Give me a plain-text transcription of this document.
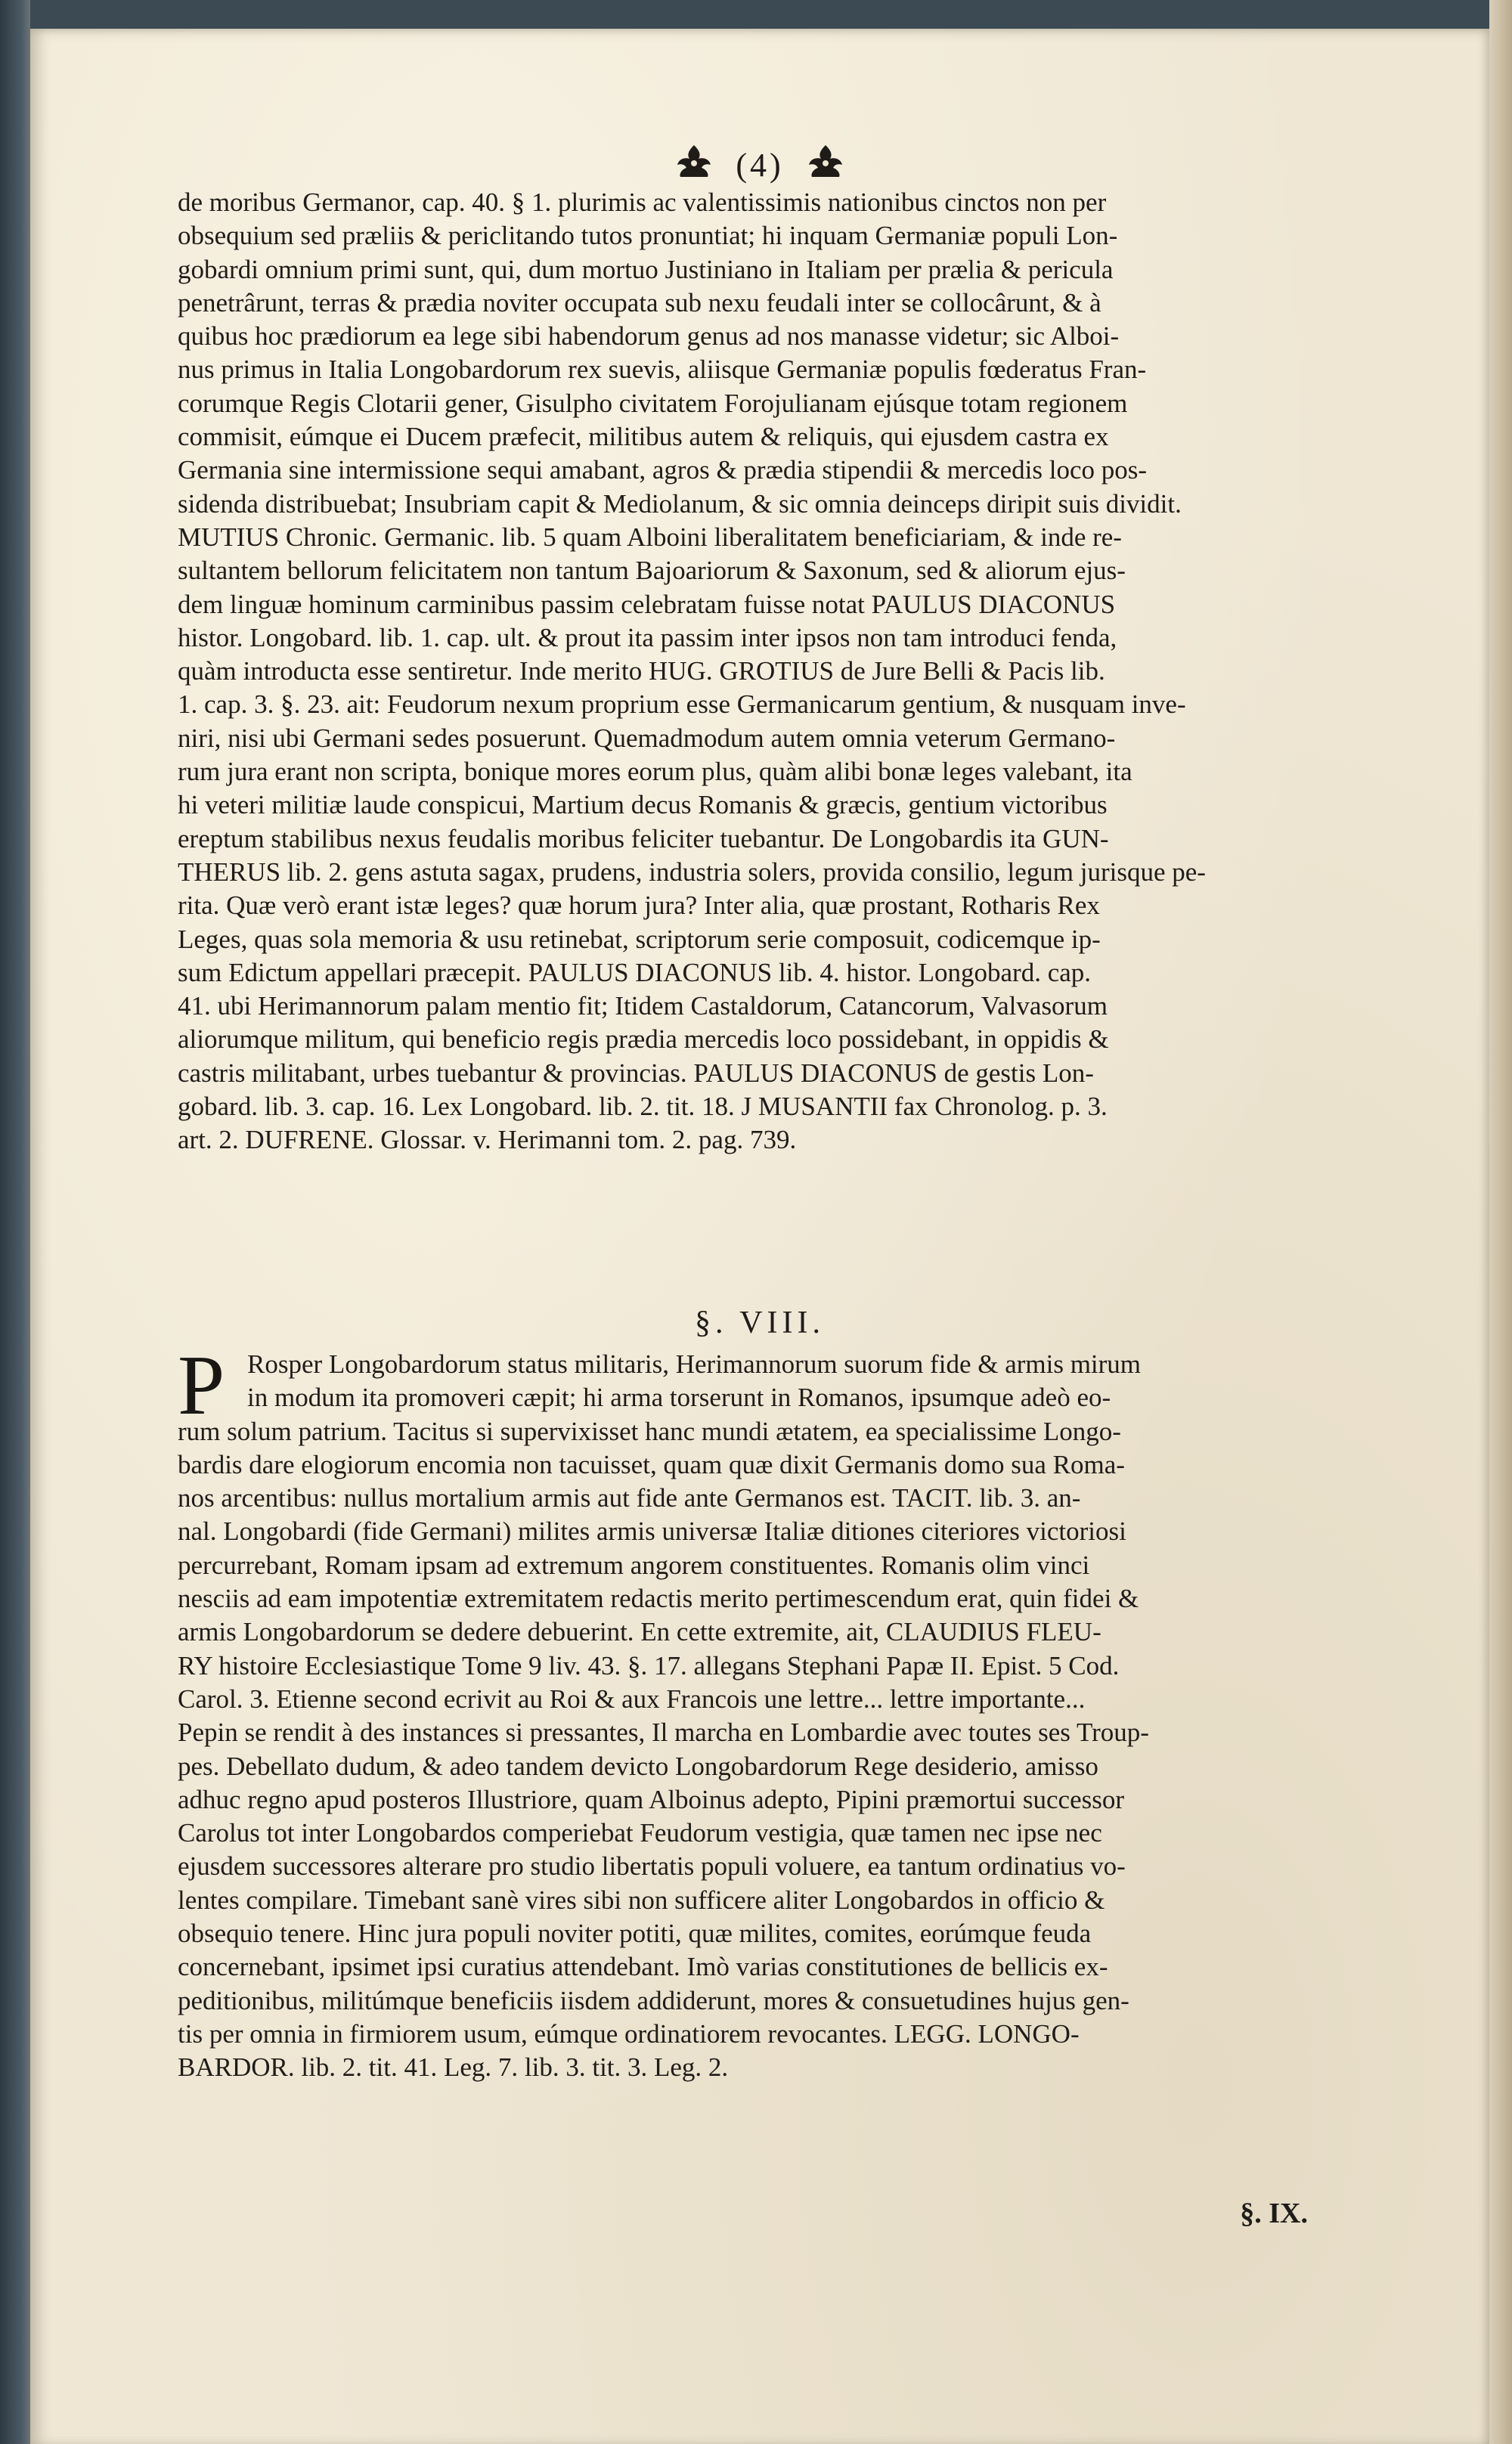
(4)
de moribus Germanor, cap. 40. § 1. plurimis ac valentissimis nationibus cinctos non per
obsequium sed præliis & periclitando tutos pronuntiat; hi inquam Germaniæ populi Lon-
gobardi omnium primi sunt, qui, dum mortuo Justiniano in Italiam per prælia & pericula
penetrârunt, terras & prædia noviter occupata sub nexu feudali inter se collocârunt, & à
quibus hoc prædiorum ea lege sibi habendorum genus ad nos manasse videtur; sic Alboi-
nus primus in Italia Longobardorum rex suevis, aliisque Germaniæ populis fœderatus Fran-
corumque Regis Clotarii gener, Gisulpho civitatem Forojulianam ejúsque totam regionem
commisit, eúmque ei Ducem præfecit, militibus autem & reliquis, qui ejusdem castra ex
Germania sine intermissione sequi amabant, agros & prædia stipendii & mercedis loco pos-
sidenda distribuebat; Insubriam capit & Mediolanum, & sic omnia deinceps diripit suis dividit.
MUTIUS Chronic. Germanic. lib. 5 quam Alboini liberalitatem beneficiariam, & inde re-
sultantem bellorum felicitatem non tantum Bajoariorum & Saxonum, sed & aliorum ejus-
dem linguæ hominum carminibus passim celebratam fuisse notat PAULUS DIACONUS
histor. Longobard. lib. 1. cap. ult. & prout ita passim inter ipsos non tam introduci fenda,
quàm introducta esse sentiretur. Inde merito HUG. GROTIUS de Jure Belli & Pacis lib.
1. cap. 3. §. 23. ait: Feudorum nexum proprium esse Germanicarum gentium, & nusquam inve-
niri, nisi ubi Germani sedes posuerunt. Quemadmodum autem omnia veterum Germano-
rum jura erant non scripta, bonique mores eorum plus, quàm alibi bonæ leges valebant, ita
hi veteri militiæ laude conspicui, Martium decus Romanis & græcis, gentium victoribus
ereptum stabilibus nexus feudalis moribus feliciter tuebantur. De Longobardis ita GUN-
THERUS lib. 2. gens astuta sagax, prudens, industria solers, provida consilio, legum jurisque pe-
rita. Quæ verò erant istæ leges? quæ horum jura? Inter alia, quæ prostant, Rotharis Rex
Leges, quas sola memoria & usu retinebat, scriptorum serie composuit, codicemque ip-
sum Edictum appellari præcepit. PAULUS DIACONUS lib. 4. histor. Longobard. cap.
41. ubi Herimannorum palam mentio fit; Itidem Castaldorum, Catancorum, Valvasorum
aliorumque militum, qui beneficio regis prædia mercedis loco possidebant, in oppidis &
castris militabant, urbes tuebantur & provincias. PAULUS DIACONUS de gestis Lon-
gobard. lib. 3. cap. 16. Lex Longobard. lib. 2. tit. 18. J MUSANTII fax Chronolog. p. 3.
art. 2. DUFRENE. Glossar. v. Herimanni tom. 2. pag. 739.
§. VIII.
P Rosper Longobardorum status militaris, Herimannorum suorum fide & armis mirum
in modum ita promoveri cæpit; hi arma torserunt in Romanos, ipsumque adeò eo-
rum solum patrium. Tacitus si supervixisset hanc mundi ætatem, ea specialissime Longo-
bardis dare elogiorum encomia non tacuisset, quam quæ dixit Germanis domo sua Roma-
nos arcentibus: nullus mortalium armis aut fide ante Germanos est. TACIT. lib. 3. an-
nal. Longobardi (fide Germani) milites armis universæ Italiæ ditiones citeriores victoriosi
percurrebant, Romam ipsam ad extremum angorem constituentes. Romanis olim vinci
nesciis ad eam impotentiæ extremitatem redactis merito pertimescendum erat, quin fidei &
armis Longobardorum se dedere debuerint. En cette extremite, ait, CLAUDIUS FLEU-
RY histoire Ecclesiastique Tome 9 liv. 43. §. 17. allegans Stephani Papæ II. Epist. 5 Cod.
Carol. 3. Etienne second ecrivit au Roi & aux Francois une lettre... lettre importante...
Pepin se rendit à des instances si pressantes, Il marcha en Lombardie avec toutes ses Troup-
pes. Debellato dudum, & adeo tandem devicto Longobardorum Rege desiderio, amisso
adhuc regno apud posteros Illustriore, quam Alboinus adepto, Pipini præmortui successor
Carolus tot inter Longobardos comperiebat Feudorum vestigia, quæ tamen nec ipse nec
ejusdem successores alterare pro studio libertatis populi voluere, ea tantum ordinatius vo-
lentes compilare. Timebant sanè vires sibi non sufficere aliter Longobardos in officio &
obsequio tenere. Hinc jura populi noviter potiti, quæ milites, comites, eorúmque feuda
concernebant, ipsimet ipsi curatius attendebant. Imò varias constitutiones de bellicis ex-
peditionibus, militúmque beneficiis iisdem addiderunt, mores & consuetudines hujus gen-
tis per omnia in firmiorem usum, eúmque ordinatiorem revocantes. LEGG. LONGO-
BARDOR. lib. 2. tit. 41. Leg. 7. lib. 3. tit. 3. Leg. 2.
§. IX.
